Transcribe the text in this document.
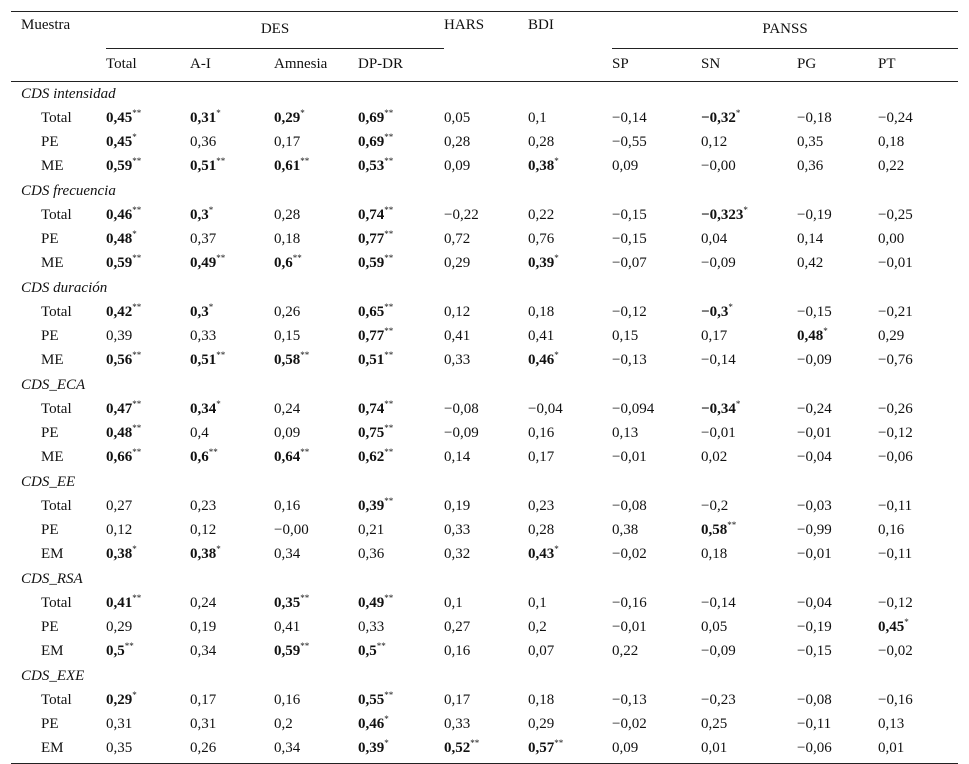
Muestra	DES				HARS	BDI	PANSS			
	Total	A-I	Amnesia	DP-DR			SP	SN	PG	PT
CDS intensidad										
Total	0,45**	0,31*	0,29*	0,69**	0,05	0,1	−0,14	−0,32*	−0,18	−0,24
PE	0,45*	0,36	0,17	0,69**	0,28	0,28	−0,55	0,12	0,35	0,18
ME	0,59**	0,51**	0,61**	0,53**	0,09	0,38*	0,09	−0,00	0,36	0,22
CDS frecuencia										
Total	0,46**	0,3*	0,28	0,74**	−0,22	0,22	−0,15	−0,323*	−0,19	−0,25
PE	0,48*	0,37	0,18	0,77**	0,72	0,76	−0,15	0,04	0,14	0,00
ME	0,59**	0,49**	0,6**	0,59**	0,29	0,39*	−0,07	−0,09	0,42	−0,01
CDS duración										
Total	0,42**	0,3*	0,26	0,65**	0,12	0,18	−0,12	−0,3*	−0,15	−0,21
PE	0,39	0,33	0,15	0,77**	0,41	0,41	0,15	0,17	0,48*	0,29
ME	0,56**	0,51**	0,58**	0,51**	0,33	0,46*	−0,13	−0,14	−0,09	−0,76
CDS_ECA										
Total	0,47**	0,34*	0,24	0,74**	−0,08	−0,04	−0,094	−0,34*	−0,24	−0,26
PE	0,48**	0,4	0,09	0,75**	−0,09	0,16	0,13	−0,01	−0,01	−0,12
ME	0,66**	0,6**	0,64**	0,62**	0,14	0,17	−0,01	0,02	−0,04	−0,06
CDS_EE										
Total	0,27	0,23	0,16	0,39**	0,19	0,23	−0,08	−0,2	−0,03	−0,11
PE	0,12	0,12	−0,00	0,21	0,33	0,28	0,38	0,58**	−0,99	0,16
EM	0,38*	0,38*	0,34	0,36	0,32	0,43*	−0,02	0,18	−0,01	−0,11
CDS_RSA										
Total	0,41**	0,24	0,35**	0,49**	0,1	0,1	−0,16	−0,14	−0,04	−0,12
PE	0,29	0,19	0,41	0,33	0,27	0,2	−0,01	0,05	−0,19	0,45*
EM	0,5**	0,34	0,59**	0,5**	0,16	0,07	0,22	−0,09	−0,15	−0,02
CDS_EXE										
Total	0,29*	0,17	0,16	0,55**	0,17	0,18	−0,13	−0,23	−0,08	−0,16
PE	0,31	0,31	0,2	0,46*	0,33	0,29	−0,02	0,25	−0,11	0,13
EM	0,35	0,26	0,34	0,39*	0,52**	0,57**	0,09	0,01	−0,06	0,01
